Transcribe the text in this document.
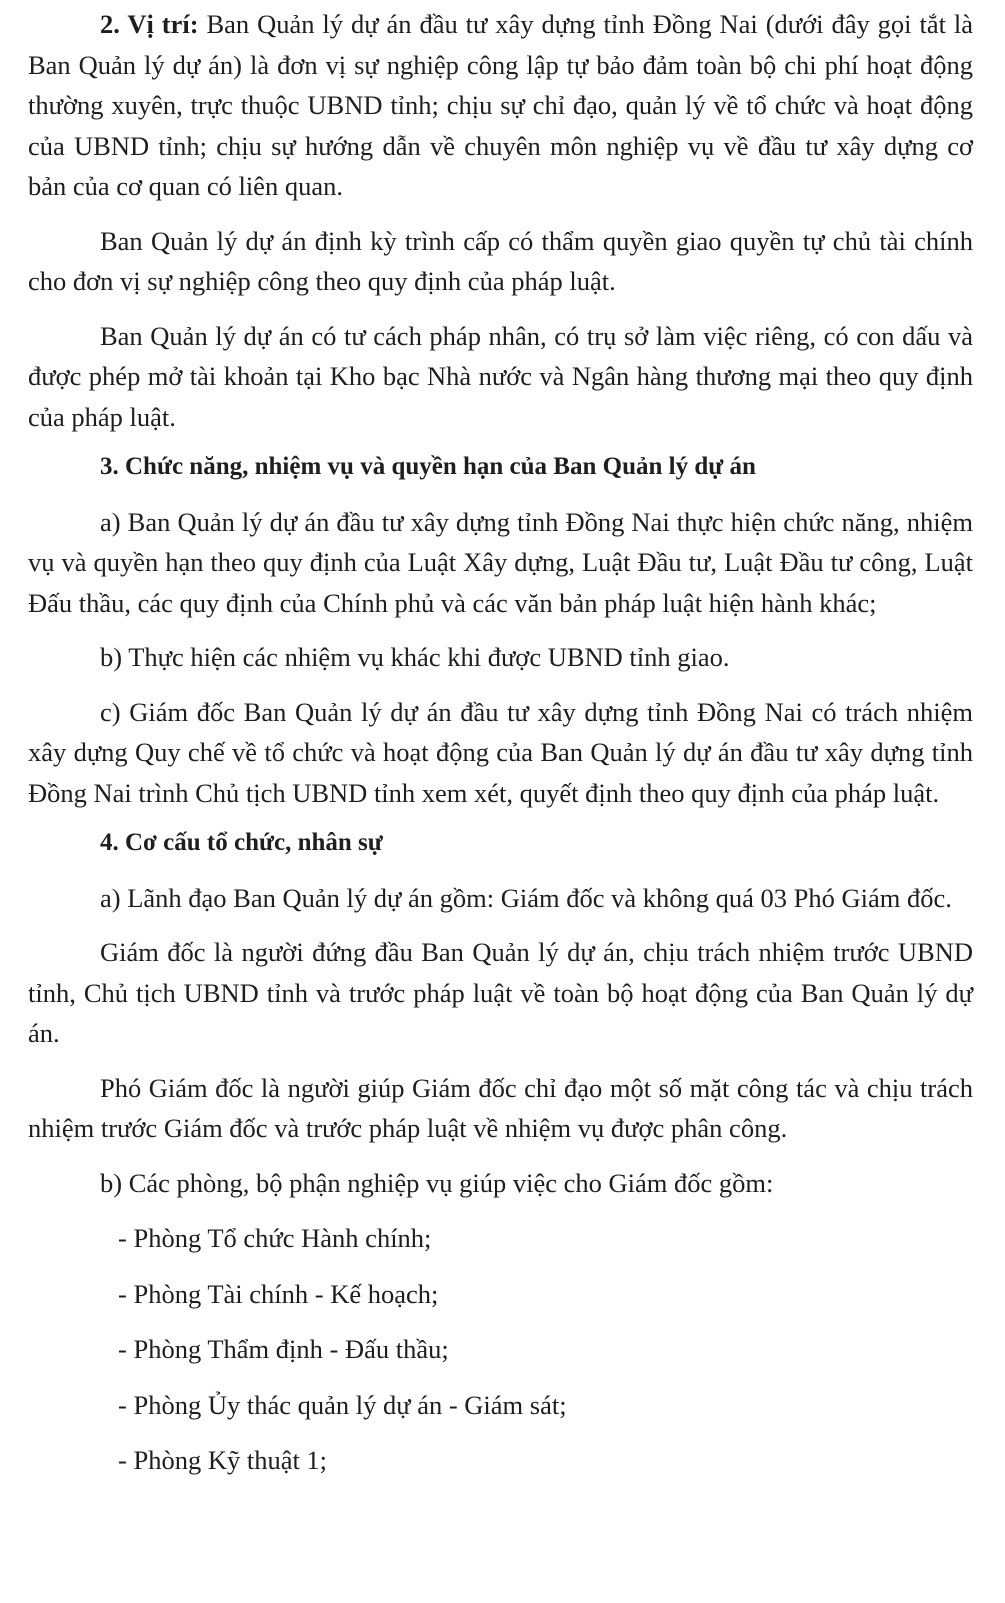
2. Vị trí: Ban Quản lý dự án đầu tư xây dựng tỉnh Đồng Nai (dưới đây gọi tắt là Ban Quản lý dự án) là đơn vị sự nghiệp công lập tự bảo đảm toàn bộ chi phí hoạt động thường xuyên, trực thuộc UBND tỉnh; chịu sự chỉ đạo, quản lý về tổ chức và hoạt động của UBND tỉnh; chịu sự hướng dẫn về chuyên môn nghiệp vụ về đầu tư xây dựng cơ bản của cơ quan có liên quan.

Ban Quản lý dự án định kỳ trình cấp có thẩm quyền giao quyền tự chủ tài chính cho đơn vị sự nghiệp công theo quy định của pháp luật.

Ban Quản lý dự án có tư cách pháp nhân, có trụ sở làm việc riêng, có con dấu và được phép mở tài khoản tại Kho bạc Nhà nước và Ngân hàng thương mại theo quy định của pháp luật.

3. Chức năng, nhiệm vụ và quyền hạn của Ban Quản lý dự án

a) Ban Quản lý dự án đầu tư xây dựng tỉnh Đồng Nai thực hiện chức năng, nhiệm vụ và quyền hạn theo quy định của Luật Xây dựng, Luật Đầu tư, Luật Đầu tư công, Luật Đấu thầu, các quy định của Chính phủ và các văn bản pháp luật hiện hành khác;

b) Thực hiện các nhiệm vụ khác khi được UBND tỉnh giao.

c) Giám đốc Ban Quản lý dự án đầu tư xây dựng tỉnh Đồng Nai có trách nhiệm xây dựng Quy chế về tổ chức và hoạt động của Ban Quản lý dự án đầu tư xây dựng tỉnh Đồng Nai trình Chủ tịch UBND tỉnh xem xét, quyết định theo quy định của pháp luật.

4. Cơ cấu tổ chức, nhân sự

a) Lãnh đạo Ban Quản lý dự án gồm: Giám đốc và không quá 03 Phó Giám đốc.

Giám đốc là người đứng đầu Ban Quản lý dự án, chịu trách nhiệm trước UBND tỉnh, Chủ tịch UBND tỉnh và trước pháp luật về toàn bộ hoạt động của Ban Quản lý dự án.

Phó Giám đốc là người giúp Giám đốc chỉ đạo một số mặt công tác và chịu trách nhiệm trước Giám đốc và trước pháp luật về nhiệm vụ được phân công.

b) Các phòng, bộ phận nghiệp vụ giúp việc cho Giám đốc gồm:

- Phòng Tổ chức Hành chính;

- Phòng Tài chính - Kế hoạch;

- Phòng Thẩm định - Đấu thầu;

- Phòng Ủy thác quản lý dự án - Giám sát;

- Phòng Kỹ thuật 1;
